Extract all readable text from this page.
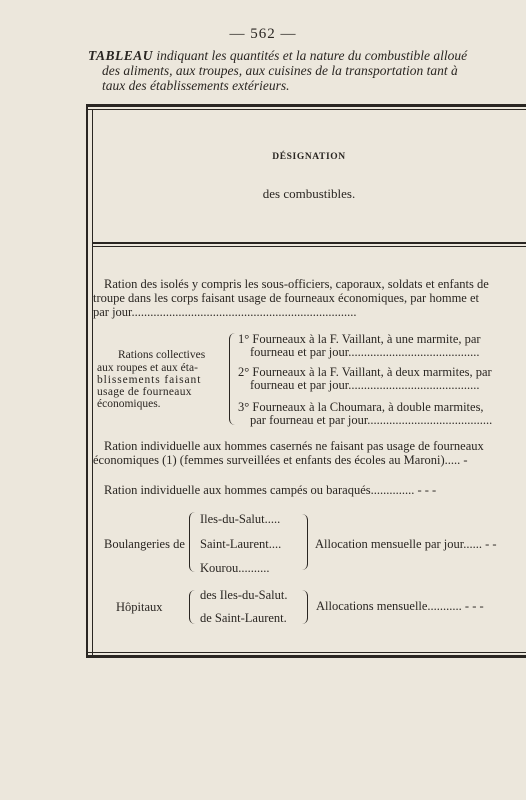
— 562 —
TABLEAU indiquant les quantités et la nature du combustible alloué
des aliments, aux troupes, aux cuisines de la transportation tant à
taux des établissements extérieurs.
DÉSIGNATION
des combustibles.
Ration des isolés y compris les sous-officiers, caporaux, soldats et enfants de
troupe dans les corps faisant usage de fourneaux économiques, par homme et
par jour........................................................................
Rations collectives
aux roupes et aux éta-
blissements faisant
usage de fourneaux
économiques.
1° Fourneaux à la F. Vaillant, à une marmite, par
fourneau et par jour..........................................
2° Fourneaux à la F. Vaillant, à deux marmites, par
fourneau et par jour..........................................
3° Fourneaux à la Choumara, à double marmites,
par fourneau et par jour........................................
Ration individuelle aux hommes casernés ne faisant pas usage de fourneaux
économiques (1) (femmes surveillées et enfants des écoles au Maroni)..... -
Ration individuelle aux hommes campés ou baraqués.............. - - -
Boulangeries de
Iles-du-Salut.....
Saint-Laurent....
Kourou..........
Allocation mensuelle par jour...... - -
Hôpitaux
des Iles-du-Salut.
de Saint-Laurent.
Allocations mensuelle........... - - -
